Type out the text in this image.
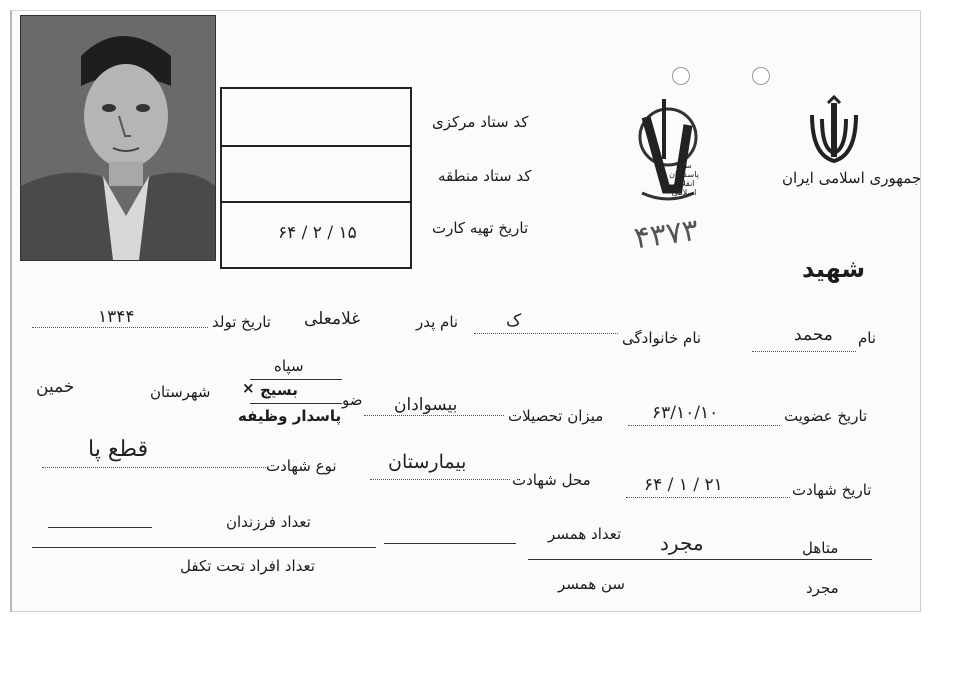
۶۴ / ۲ / ۱۵
کد ستاد مرکزی
کد ستاد منطقه
تاریخ تهیه کارت
سپاه پاسداران انقلاب اسلامی
۴۳۷۳
جمهوری اسلامی ایران
شهید
نام
محمد
نام خانوادگی
ک
نام پدر
غلامعلی
تاریخ تولد
۱۳۴۴
سپاه
بسیج
×
پاسدار وظیفه
شهرستان
خمین
تاریخ عضویت
۶۳/۱۰/۱۰
میزان تحصیلات
بیسوادان
ضو
تاریخ شهادت
۶۴ / ۱ / ۲۱
محل شهادت
بیمارستان
نوع شهادت
قطع پا
متاهل
مجرد
تعداد همسر
تعداد فرزندان
مجرد
سن همسر
تعداد افراد تحت تکفل
